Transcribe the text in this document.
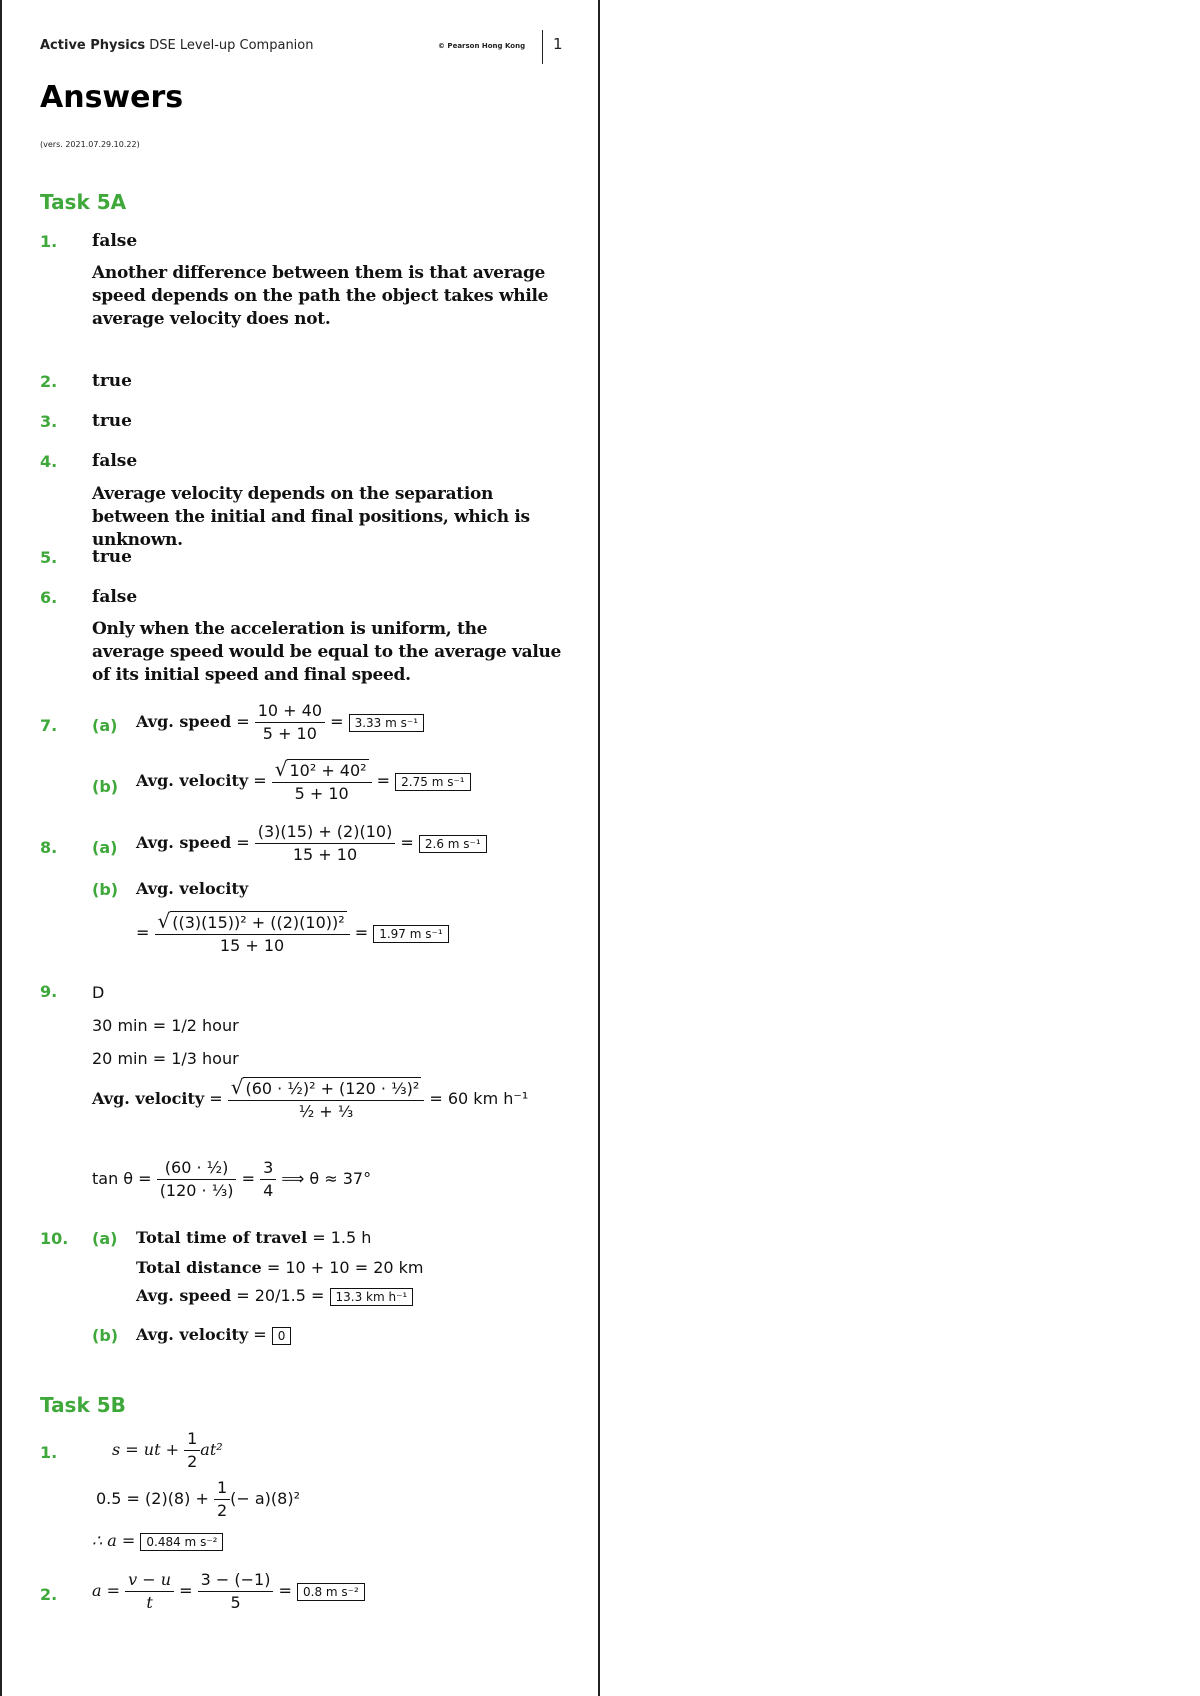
Active Physics DSE Level-up Companion	© Pearson Hong Kong 1
Answers
(vers. 2021.07.29.10.22)
Task 5A
1. false
Another difference between them is that average speed depends on the path the object takes while average velocity does not.
2. true
3. true
4. false
Average velocity depends on the separation between the initial and final positions, which is unknown.
5. true
6. false
Only when the acceleration is uniform, the average speed would be equal to the average value of its initial speed and final speed.
7. (a) Avg. speed = $\frac{10 + 40}{5 + 10} = 3.33$ m s⁻¹
(b) Avg. velocity = $\frac{\text{√ 10² + 40²}}{5 + 10} = 2.75$ m s⁻¹
8. (a) Avg. speed = $\frac{(3)(15) + (2)(10)}{15 + 10} = 2.6$ m s⁻¹
(b) Avg. velocity
= $\frac{\text{√ ((3)(15))² + ((2)(10))²}}{15 + 10} = 1.97$ m s⁻¹
9. D
30 min = 1/2 hour
20 min = 1/3 hour
Avg. velocity = $\frac{\text{√ (60 · ½)² + (120 · ⅓)²}}{\text{½ + ⅓}} = 60$ km h⁻¹
$\tan \theta = \frac{\text{(60 · ½)}}{\text{(120 · ⅓)}} = \frac{3}{4}$ ⟹ θ ≈ 37°
10. (a) Total time of travel = 1.5 h
Total distance = 10 + 10 = 20 km
Avg. speed = 20/1.5 = 13.3 km h⁻¹
(b) Avg. velocity = 0
Task 5B
1.	s = ut + $\frac{1}{2} at^2$
$0.5 = (2)(8) + \frac{1}{2}$ (− a)(8)²
∴ a = 0.484 m s⁻²
2. $a = \frac{v - u}{t} = \frac{3 - (-1)}{5} = 0.8$ m s⁻²
